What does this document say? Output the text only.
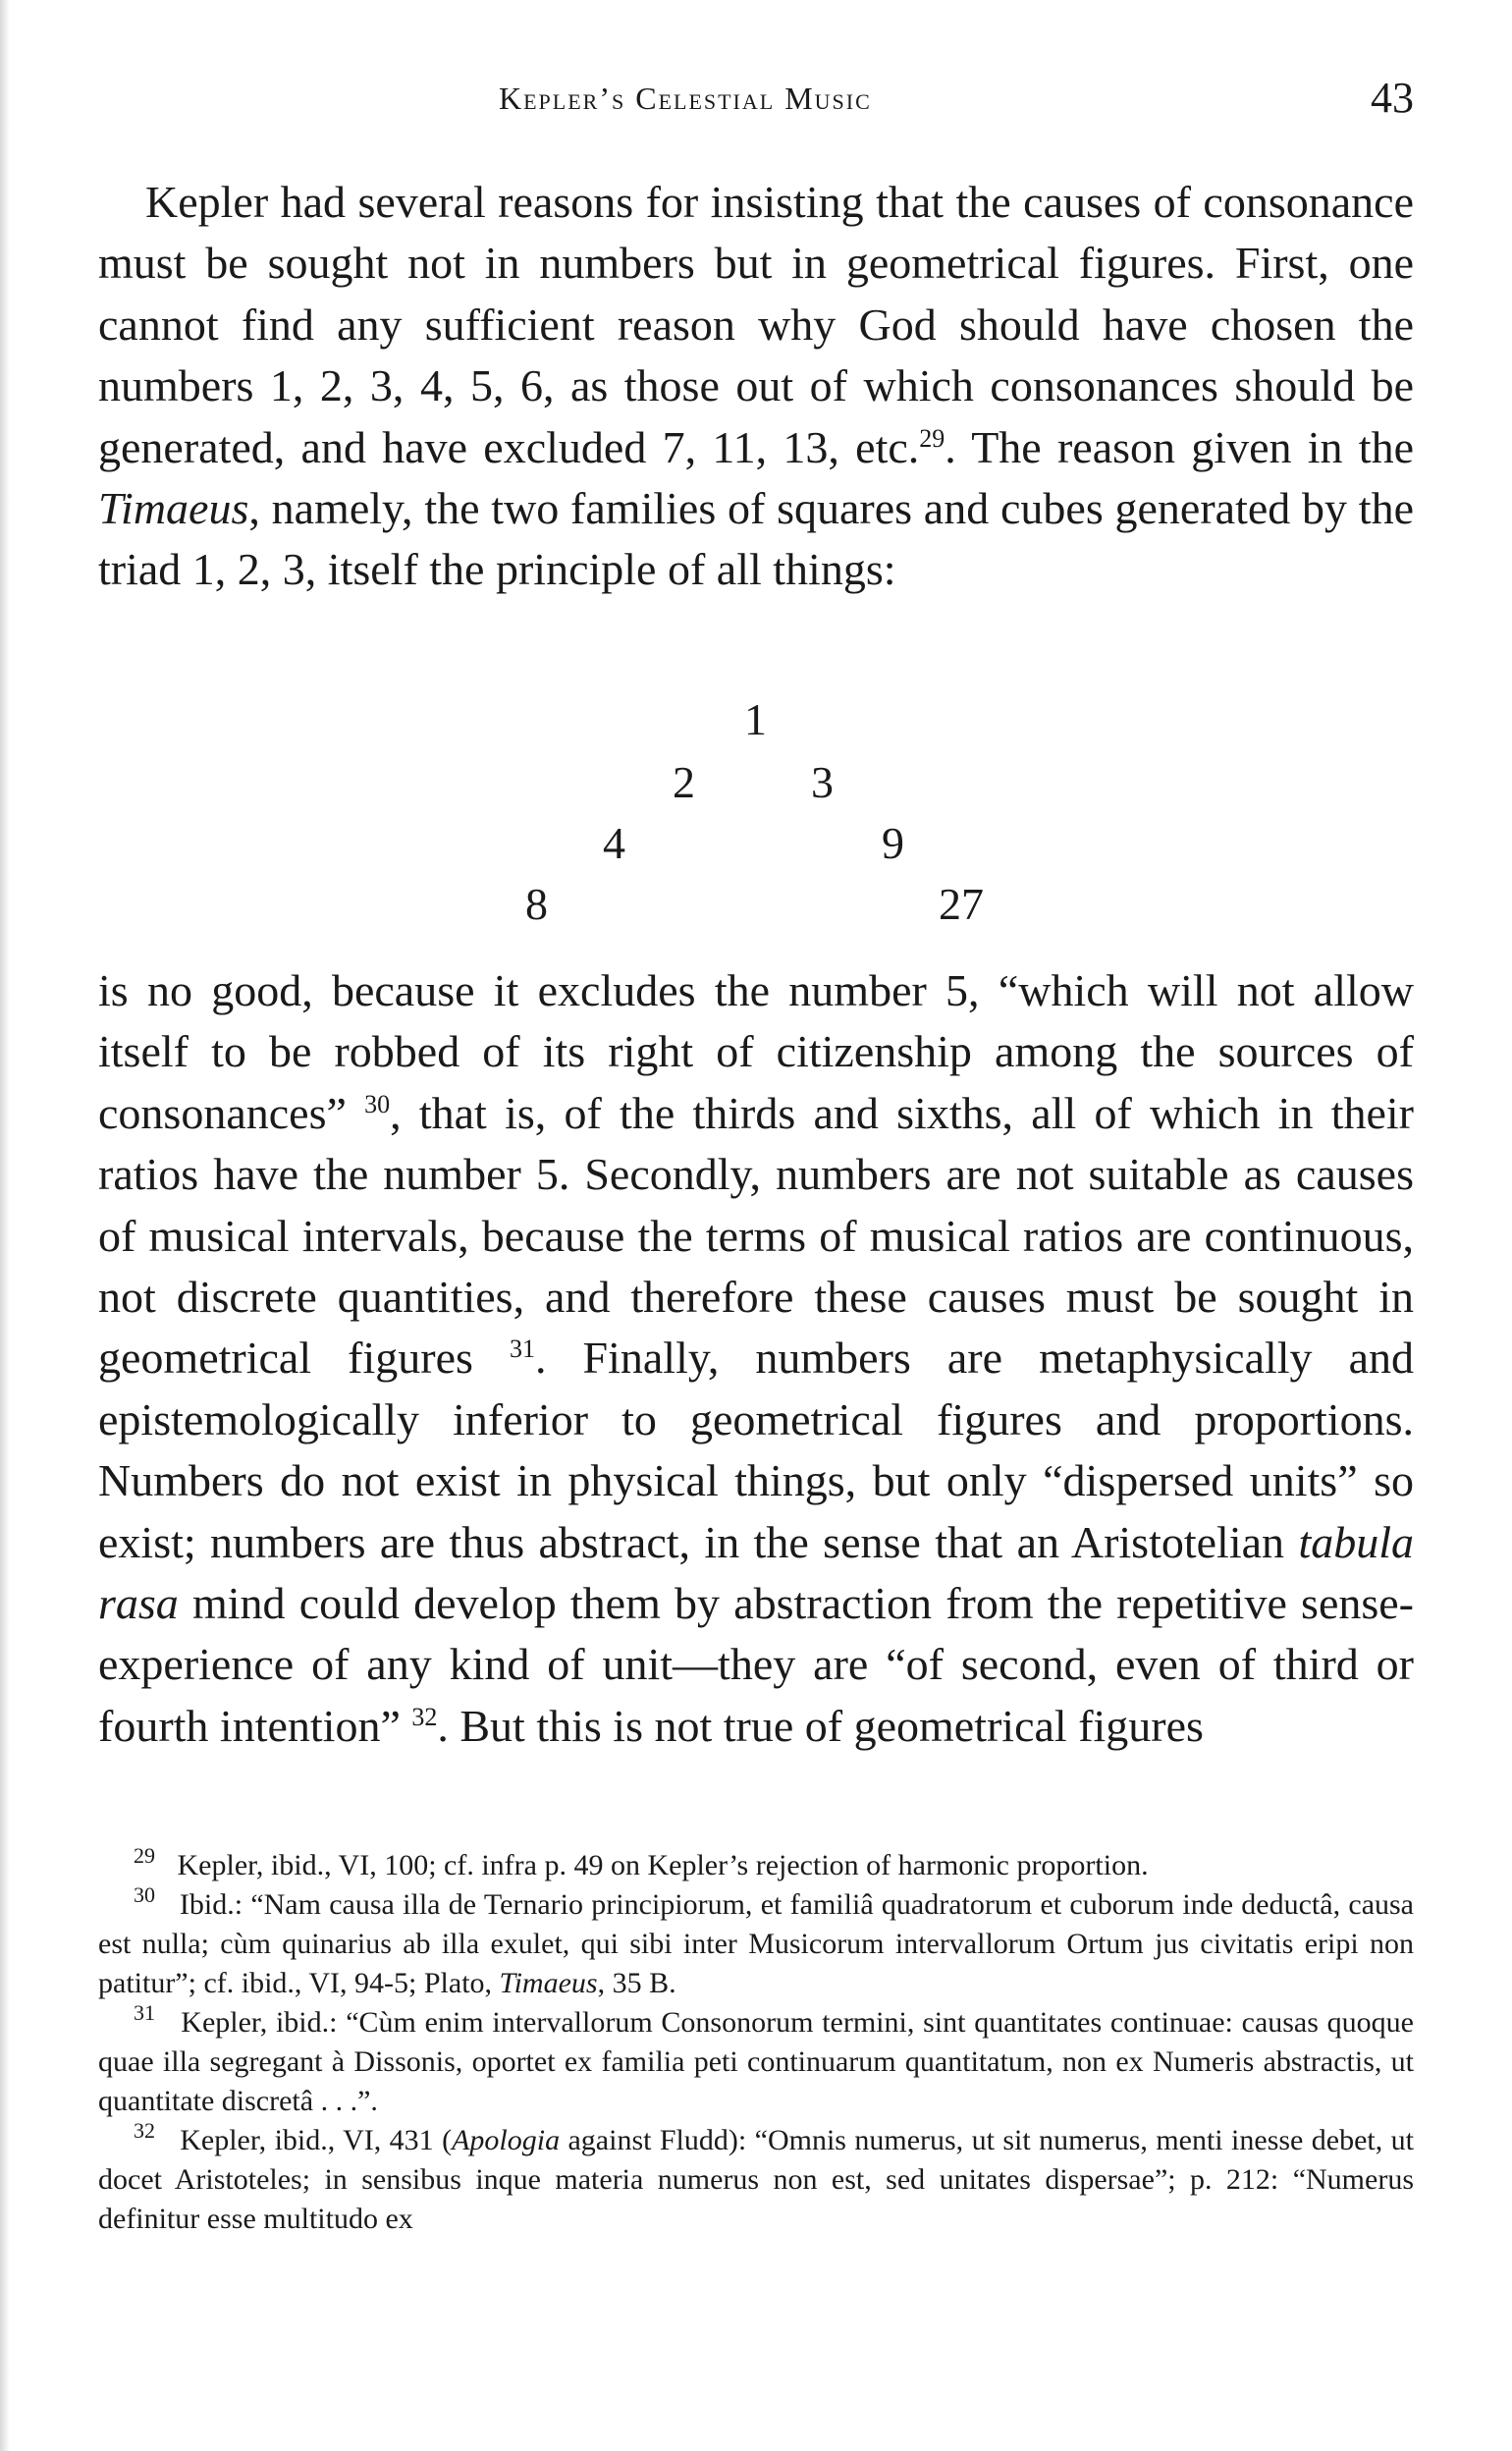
Kepler’s Celestial Music	43
Kepler had several reasons for insisting that the causes of consonance must be sought not in numbers but in geometrical figures. First, one cannot find any sufficient reason why God should have chosen the numbers 1, 2, 3, 4, 5, 6, as those out of which consonances should be generated, and have excluded 7, 11, 13, etc.$^{29}$. The reason given in the Timaeus, namely, the two families of squares and cubes generated by the triad 1, 2, 3, itself the principle of all things:
1
2	3
4	9
8	27
is no good, because it excludes the number 5, “which will not allow itself to be robbed of its right of citizenship among the sources of consonances” $^{30}$, that is, of the thirds and sixths, all of which in their ratios have the number 5. Secondly, numbers are not suitable as causes of musical intervals, because the terms of musical ratios are continuous, not discrete quantities, and therefore these causes must be sought in geometrical figures $^{31}$. Finally, numbers are metaphysically and epistemologically inferior to geometrical figures and proportions. Numbers do not exist in physical things, but only “dispersed units” so exist; numbers are thus abstract, in the sense that an Aristotelian tabula rasa mind could develop them by abstraction from the repetitive sense-experience of any kind of unit—they are “of second, even of third or fourth intention” $^{32}$. But this is not true of geometrical figures

$^{29}$ Kepler, ibid., VI, 100; cf. infra p. 49 on Kepler’s rejection of harmonic proportion.

$^{30}$ Ibid.: “Nam causa illa de Ternario principiorum, et familiâ quadratorum et cuborum inde deductâ, causa est nulla; cùm quinarius ab illa exulet, qui sibi inter Musicorum intervallorum Ortum jus civitatis eripi non patitur”; cf. ibid., VI, 94-5; Plato, Timaeus, 35 B.

$^{31}$ Kepler, ibid.: “Cùm enim intervallorum Consonorum termini, sint quantitates continuae: causas quoque quae illa segregant à Dissonis, oportet ex familia peti continuarum quantitatum, non ex Numeris abstractis, ut quantitate discretâ . . .”.

$^{32}$ Kepler, ibid., VI, 431 (Apologia against Fludd): “Omnis numerus, ut sit numerus, menti inesse debet, ut docet Aristoteles; in sensibus inque materia numerus non est, sed unitates dispersae”; p. 212: “Numerus definitur esse multitudo ex
